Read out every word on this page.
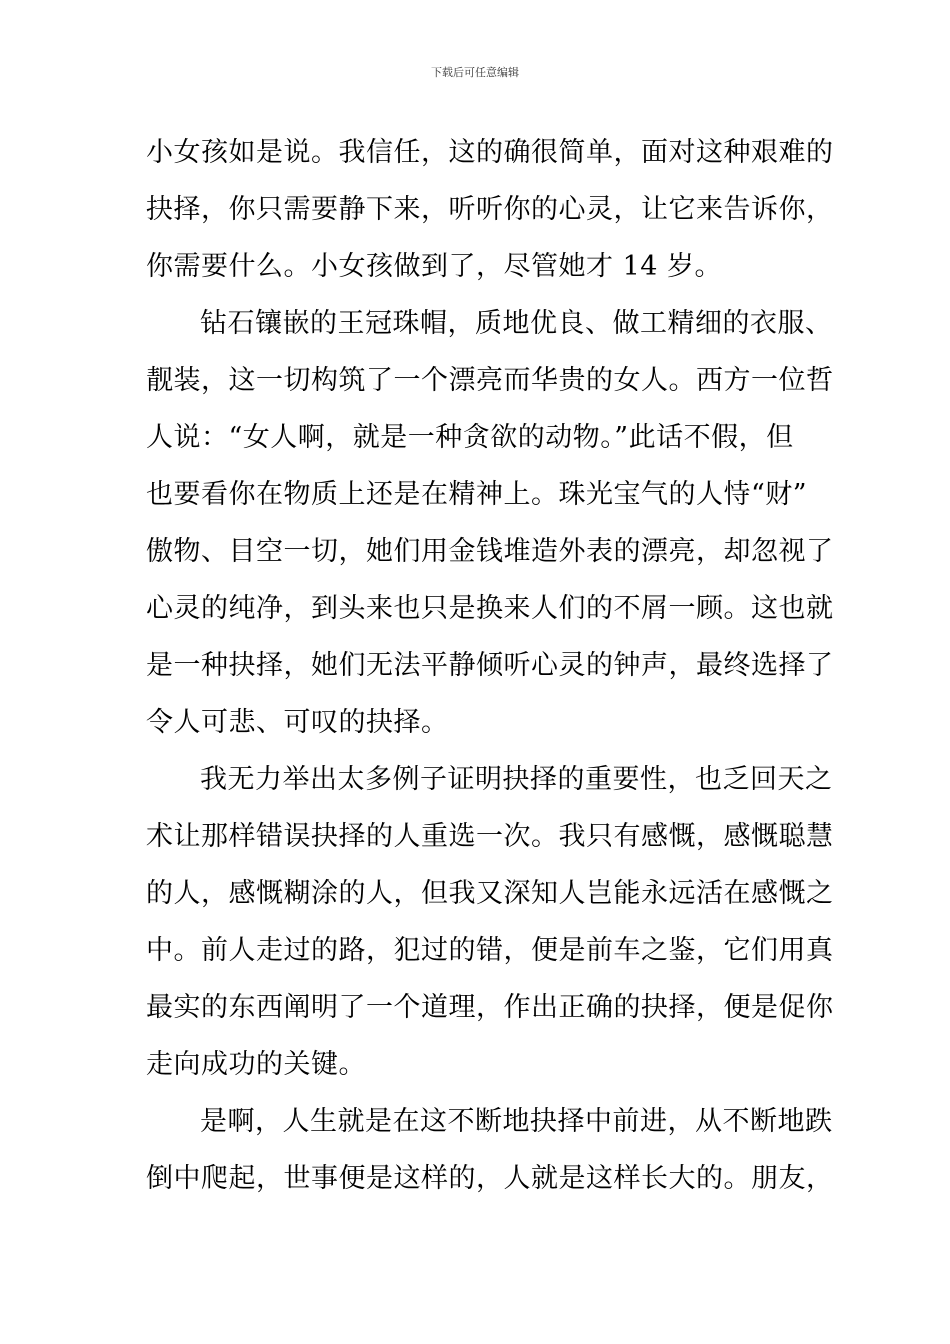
下载后可任意编辑
小女孩如是说。我信任，这的确很简单，面对这种艰难的
抉择，你只需要静下来，听听你的心灵，让它来告诉你，
你需要什么。小女孩做到了，尽管她才 14 岁。
钻石镶嵌的王冠珠帽，质地优良、做工精细的衣服、
靓装，这一切构筑了一个漂亮而华贵的女人。西方一位哲
人说：“女人啊，就是一种贪欲的动物。”此话不假，但
也要看你在物质上还是在精神上。珠光宝气的人恃“财”
傲物、目空一切，她们用金钱堆造外表的漂亮，却忽视了
心灵的纯净，到头来也只是换来人们的不屑一顾。这也就
是一种抉择，她们无法平静倾听心灵的钟声，最终选择了
令人可悲、可叹的抉择。
我无力举出太多例子证明抉择的重要性，也乏回天之
术让那样错误抉择的人重选一次。我只有感慨，感慨聪慧
的人，感慨糊涂的人，但我又深知人岂能永远活在感慨之
中。前人走过的路，犯过的错，便是前车之鉴，它们用真
最实的东西阐明了一个道理，作出正确的抉择，便是促你
走向成功的关键。
是啊，人生就是在这不断地抉择中前进，从不断地跌
倒中爬起，世事便是这样的，人就是这样长大的。朋友，
